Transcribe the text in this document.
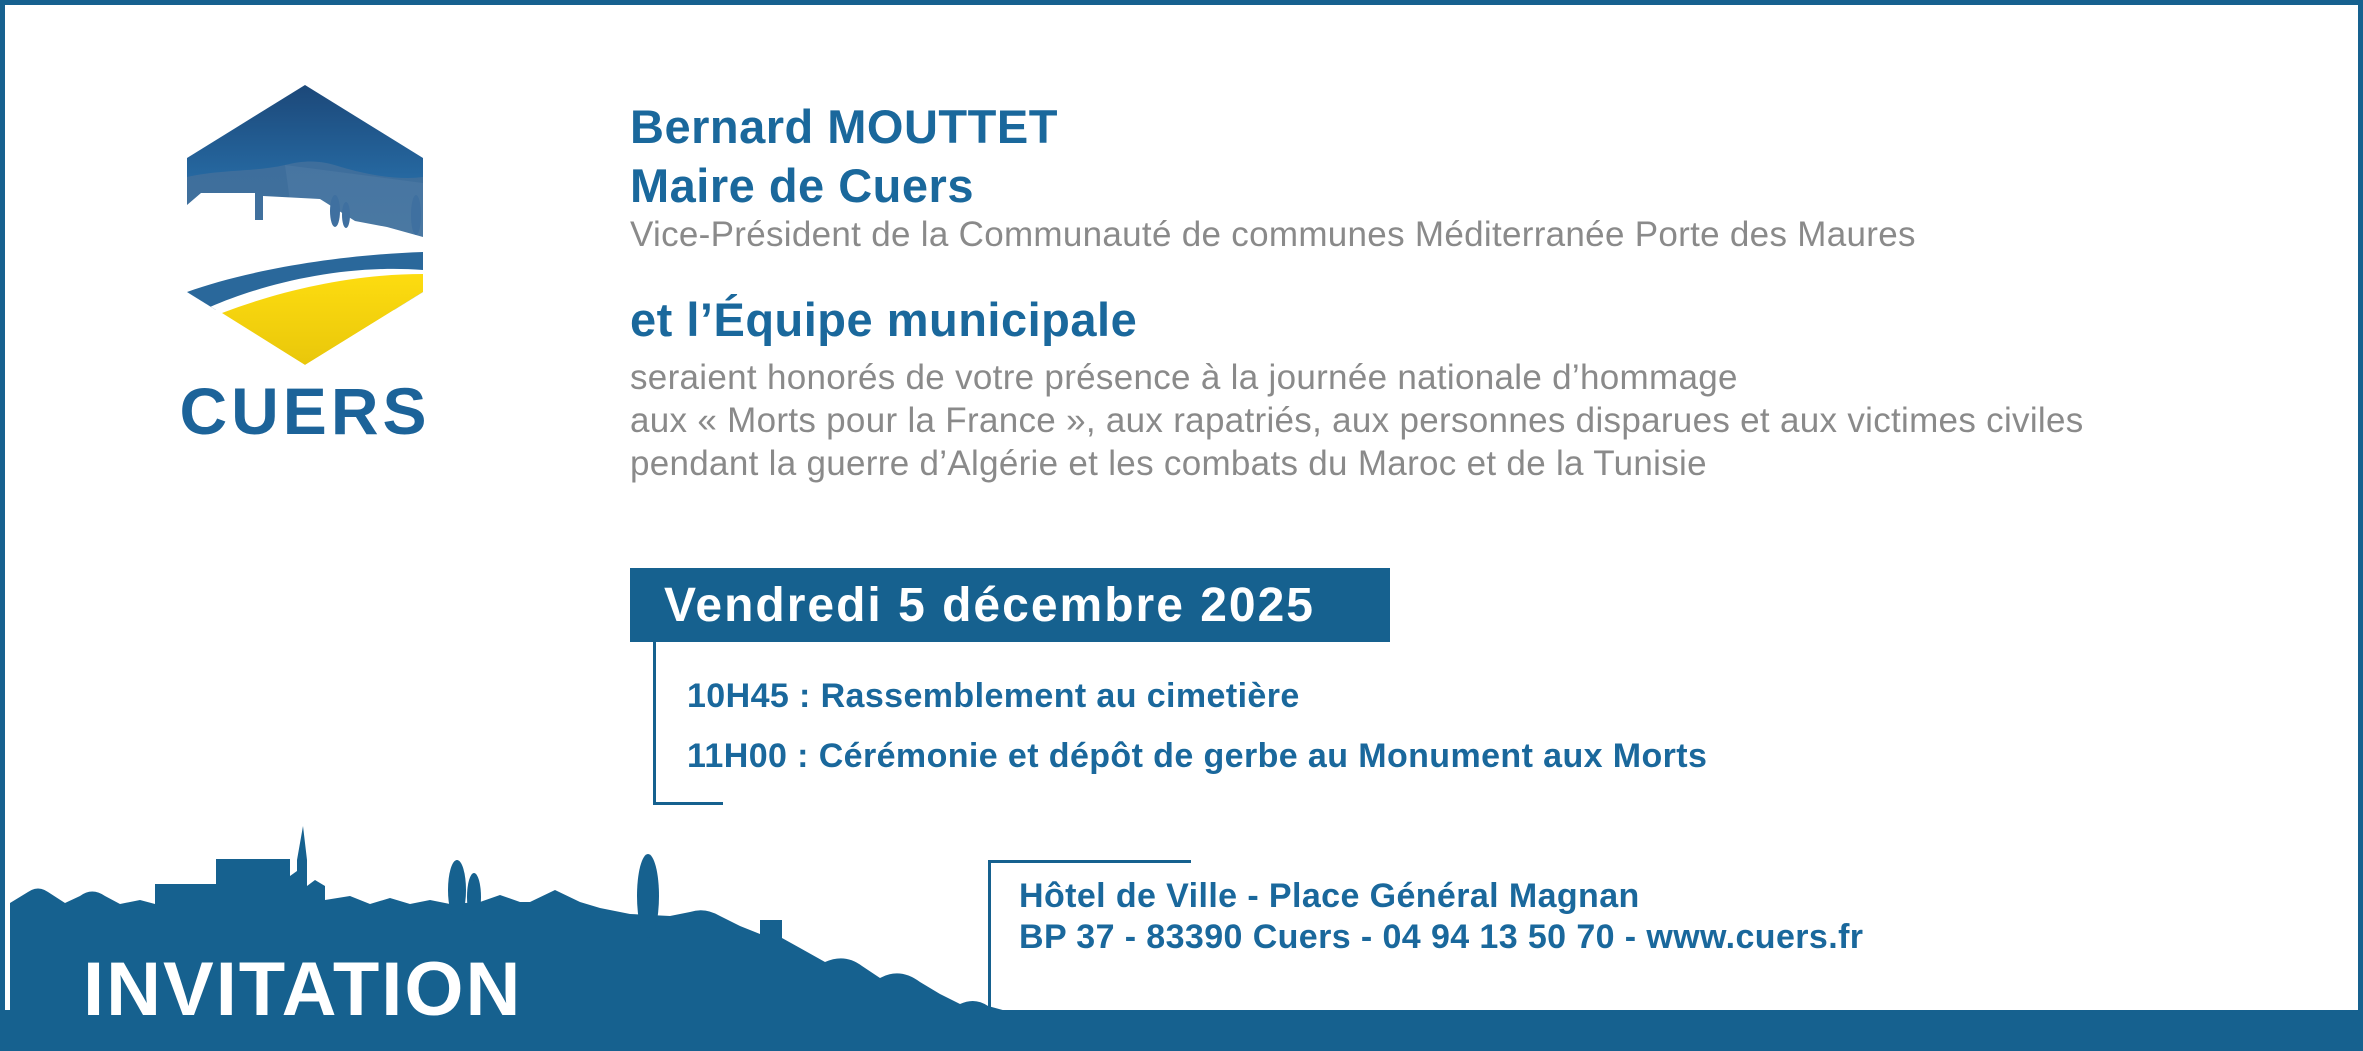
CUERS
Bernard MOUTTET
Maire de Cuers
Vice-Président de la Communauté de communes Méditerranée Porte des Maures
et l’Équipe municipale
seraient honorés de votre présence à la journée nationale d’hommage
aux « Morts pour la France », aux rapatriés, aux personnes disparues et aux victimes civiles
pendant la guerre d’Algérie et les combats du Maroc et de la Tunisie
Vendredi 5 décembre 2025
10H45 : Rassemblement au cimetière
11H00 : Cérémonie et dépôt de gerbe au Monument aux Morts
Hôtel de Ville - Place Général Magnan
BP 37 - 83390 Cuers - 04 94 13 50 70 - www.cuers.fr
INVITATION
